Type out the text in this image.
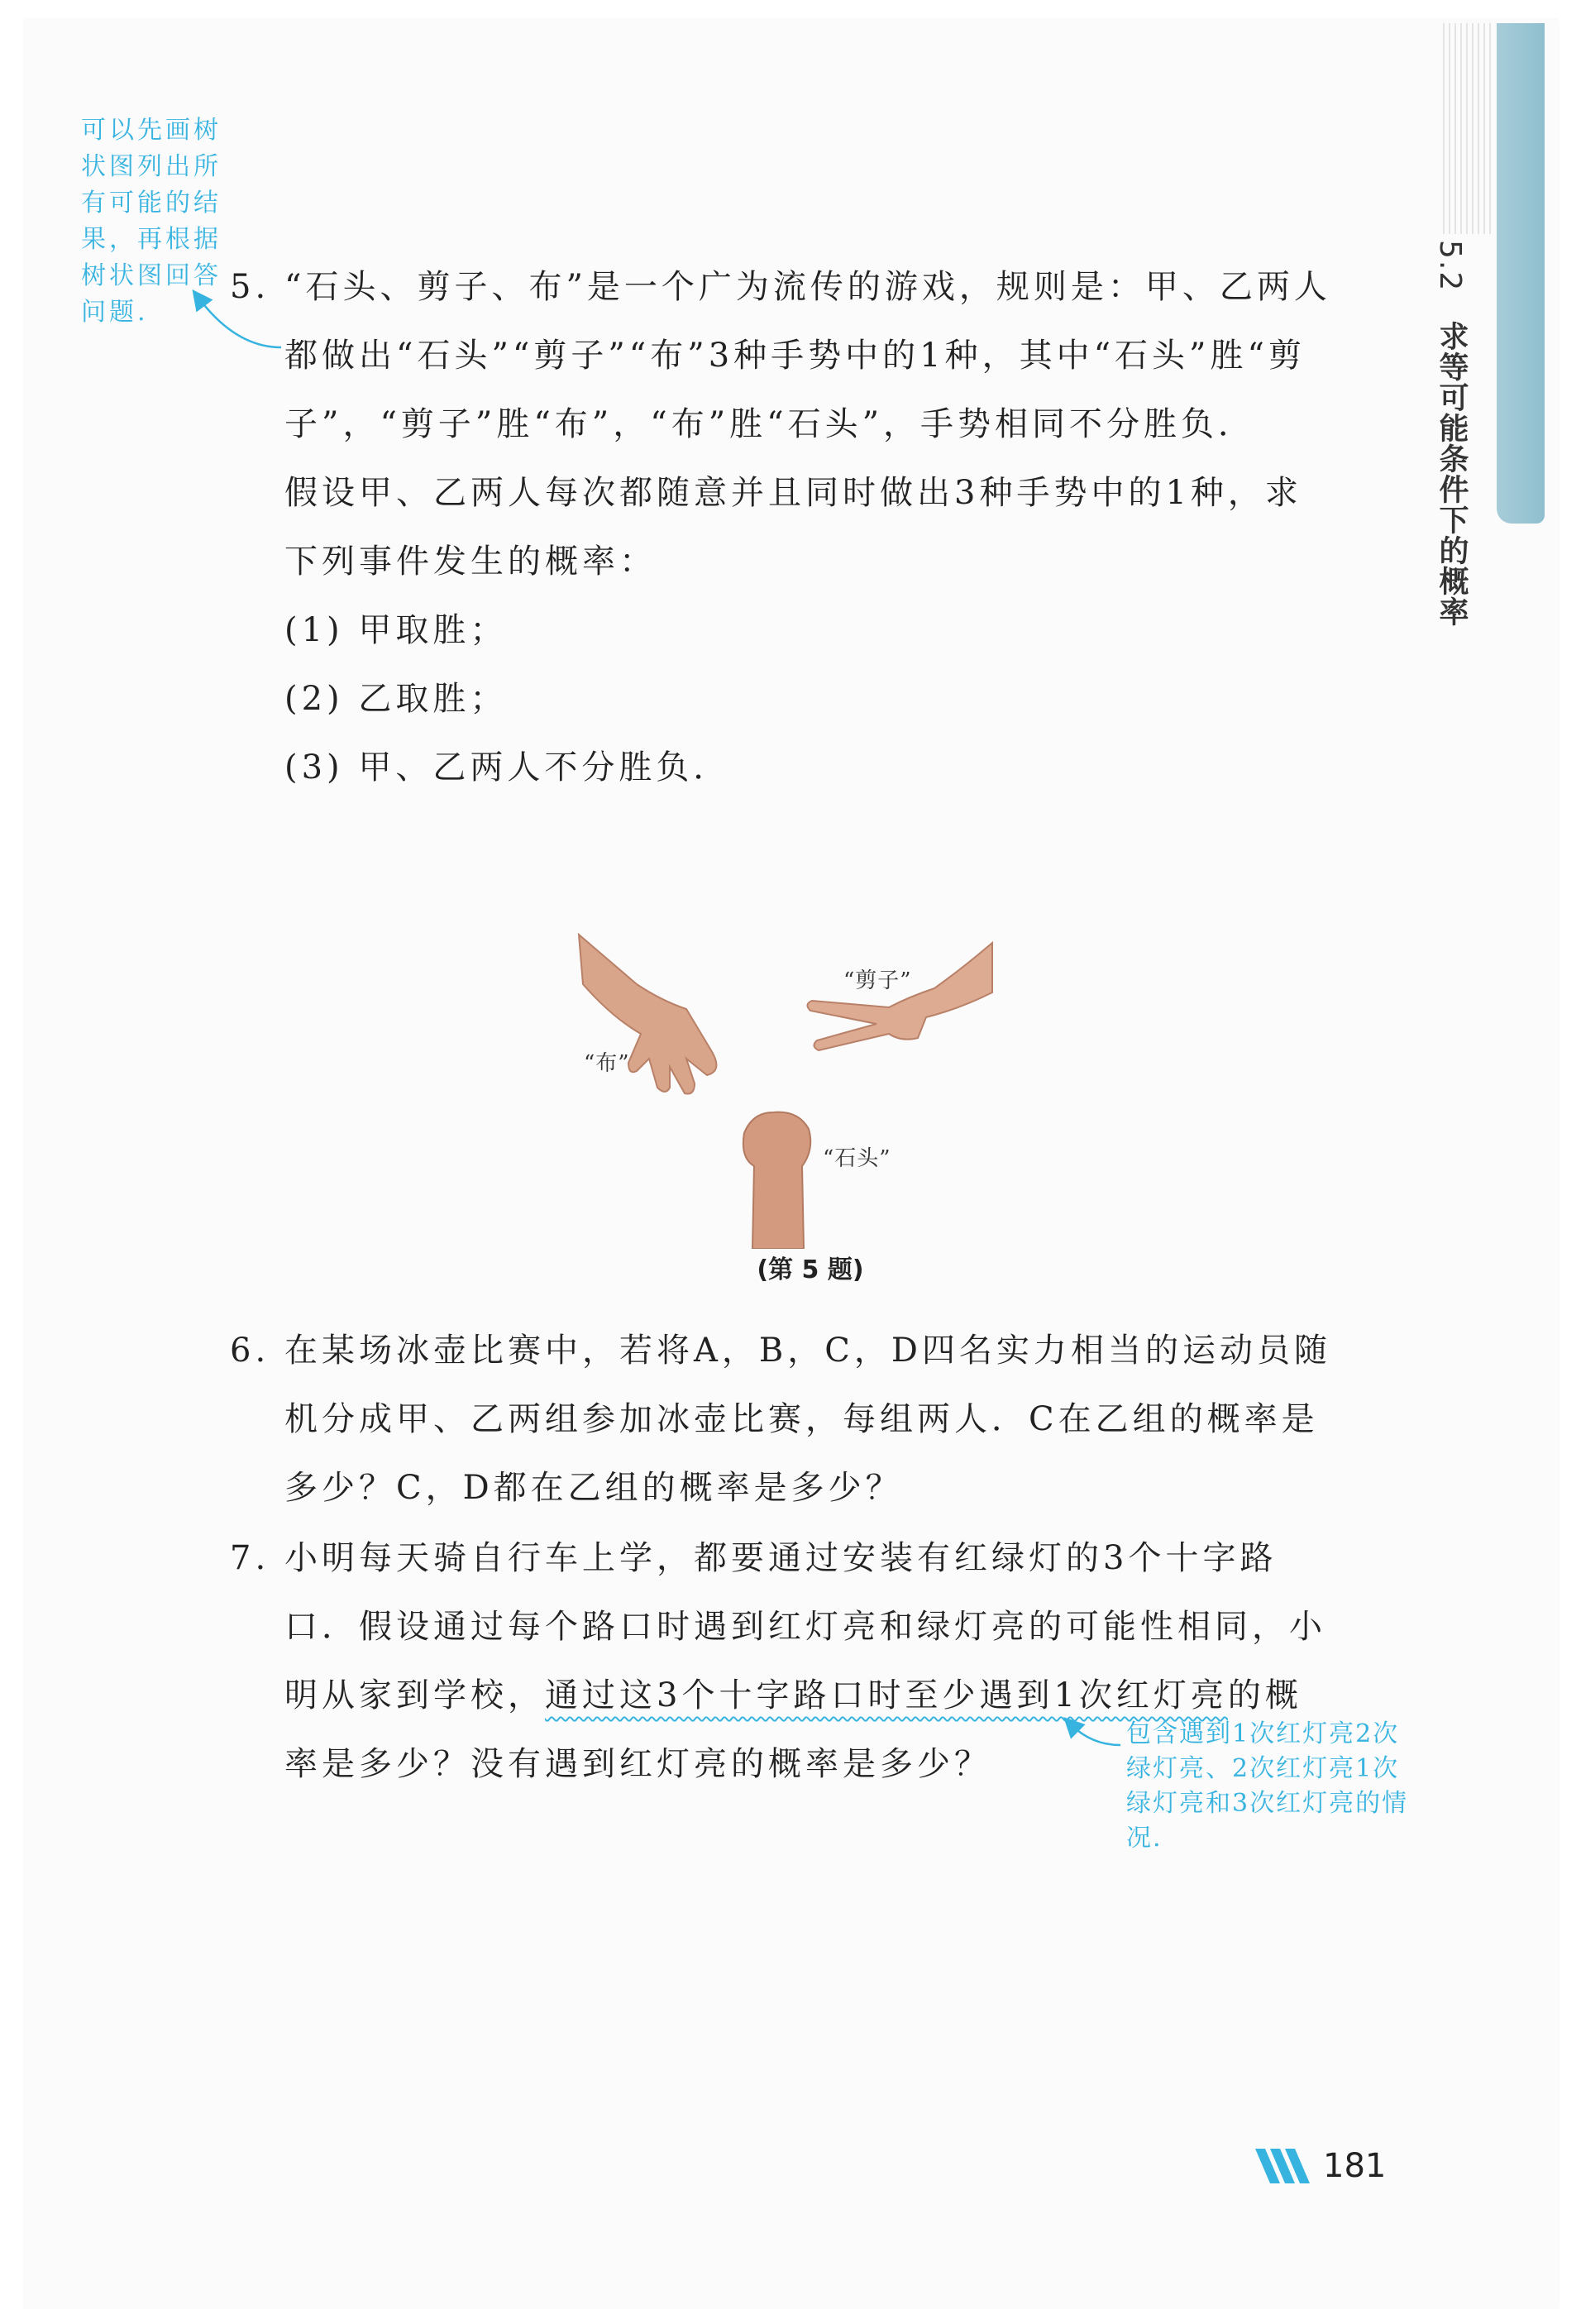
5.2
求等可能条件下的概率
可以先画树状图列出所有可能的结果，再根据树状图回答问题.
5. “石头、剪子、布”是一个广为流传的游戏，规则是：甲、乙两人都做出“石头”“剪子”“布”3种手势中的1种，其中“石头”胜“剪子”，“剪子”胜“布”，“布”胜“石头”，手势相同不分胜负．

假设甲、乙两人每次都随意并且同时做出3种手势中的1种，求下列事件发生的概率：

(1) 甲取胜；

(2) 乙取胜；

(3) 甲、乙两人不分胜负．

“布”
“剪子”
“石头”
(第 5 题)
6. 在某场冰壶比赛中，若将A，B，C，D四名实力相当的运动员随机分成甲、乙两组参加冰壶比赛，每组两人．C在乙组的概率是多少？C，D都在乙组的概率是多少？

7. 小明每天骑自行车上学，都要通过安装有红绿灯的3个十字路口．假设通过每个路口时遇到红灯亮和绿灯亮的可能性相同，小明从家到学校，通过这3个十字路口时至少遇到1次红灯亮的概率是多少？没有遇到红灯亮的概率是多少？

包含遇到1次红灯亮2次绿灯亮、2次红灯亮1次绿灯亮和3次红灯亮的情况.
181
